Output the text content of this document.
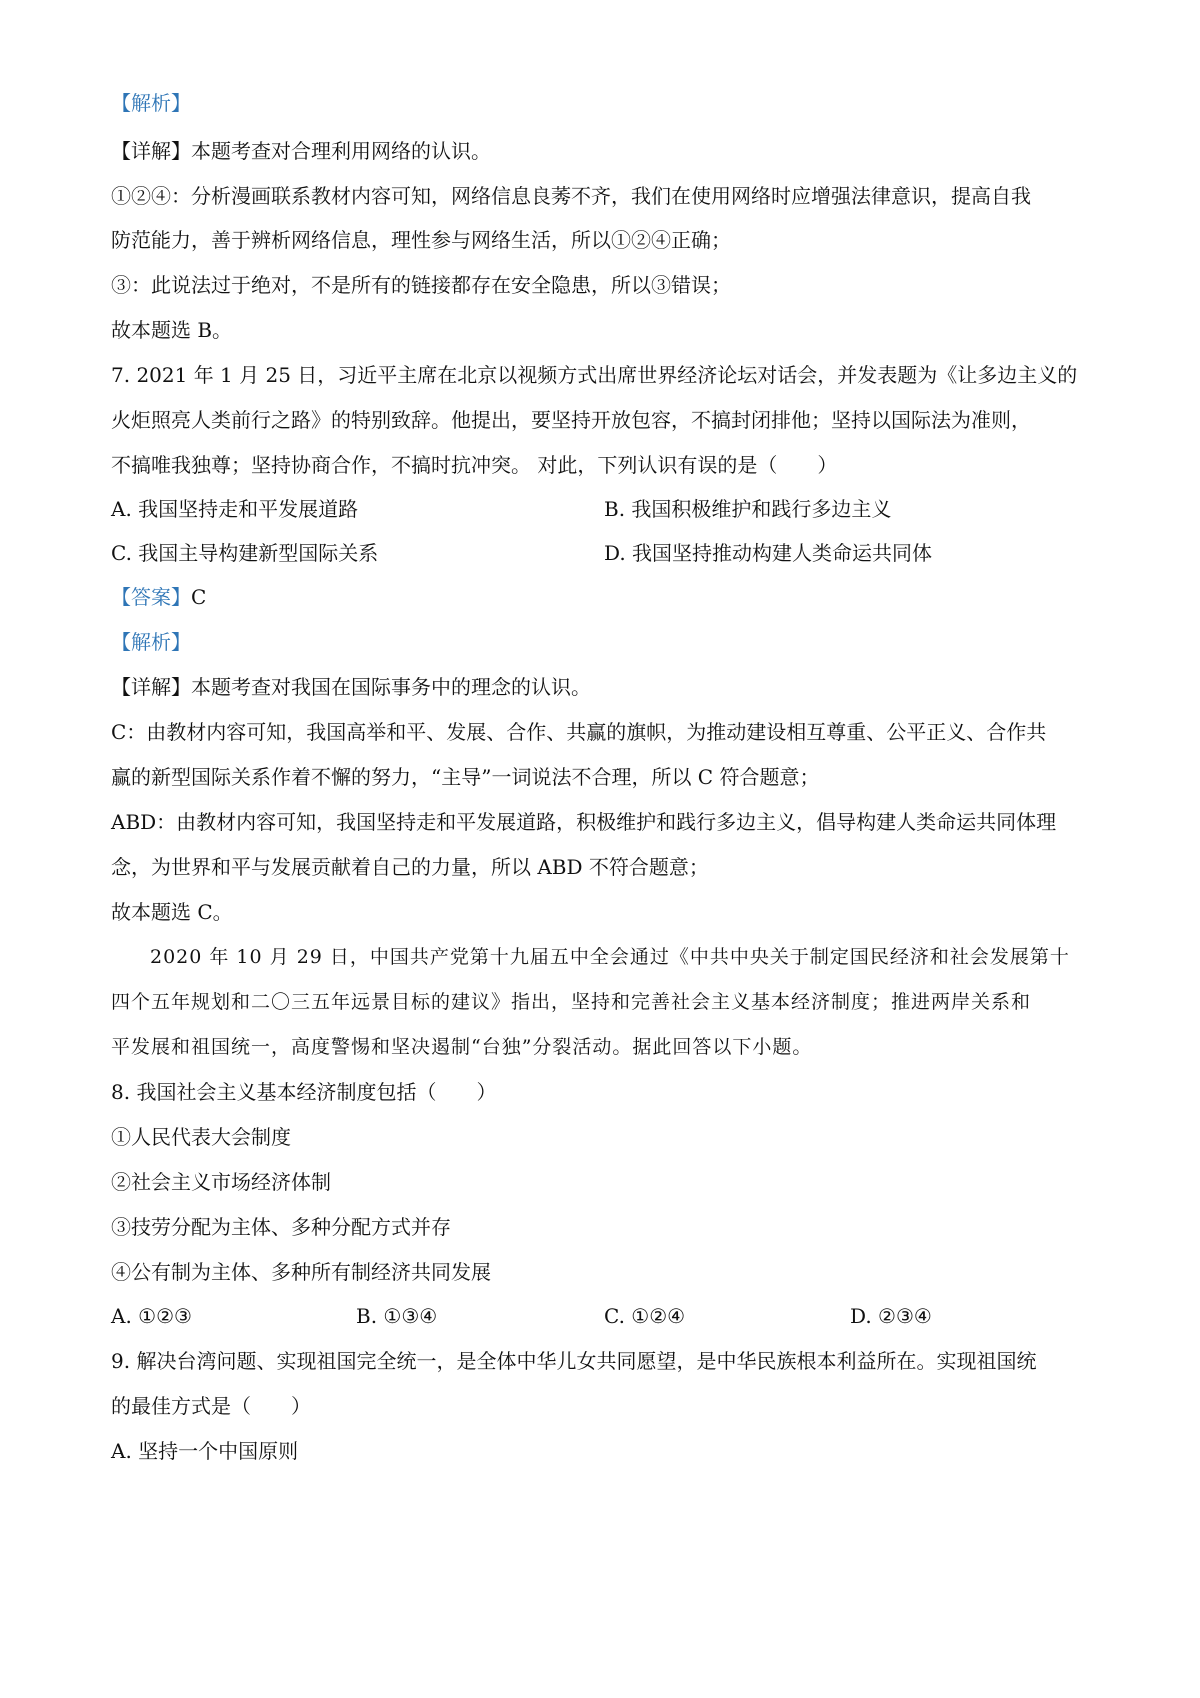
【解析】
【详解】本题考查对合理利用网络的认识。
①②④：分析漫画联系教材内容可知，网络信息良莠不齐，我们在使用网络时应增强法律意识，提高自我
防范能力，善于辨析网络信息，理性参与网络生活，所以①②④正确；
③：此说法过于绝对，不是所有的链接都存在安全隐患，所以③错误；
故本题选 B。
7. 2021 年 1 月 25 日，习近平主席在北京以视频方式出席世界经济论坛对话会，并发表题为《让多边主义的
火炬照亮人类前行之路》的特别致辞。他提出，要坚持开放包容，不搞封闭排他；坚持以国际法为准则，
不搞唯我独尊；坚持协商合作，不搞时抗冲突。 对此，下列认识有误的是（　　）
A. 我国坚持走和平发展道路	B. 我国积极维护和践行多边主义
C. 我国主导构建新型国际关系	D. 我国坚持推动构建人类命运共同体
【答案】C
【解析】
【详解】本题考查对我国在国际事务中的理念的认识。
C：由教材内容可知，我国高举和平、发展、合作、共赢的旗帜，为推动建设相互尊重、公平正义、合作共
赢的新型国际关系作着不懈的努力，“主导”一词说法不合理，所以 C 符合题意；
ABD：由教材内容可知，我国坚持走和平发展道路，积极维护和践行多边主义，倡导构建人类命运共同体理
念，为世界和平与发展贡献着自己的力量，所以 ABD 不符合题意；
故本题选 C。
2020 年 10 月 29 日，中国共产党第十九届五中全会通过《中共中央关于制定国民经济和社会发展第十
四个五年规划和二〇三五年远景目标的建议》指出，坚持和完善社会主义基本经济制度；推进两岸关系和
平发展和祖国统一，高度警惕和坚决遏制“台独”分裂活动。据此回答以下小题。
8. 我国社会主义基本经济制度包括（　　）
①人民代表大会制度
②社会主义市场经济体制
③技劳分配为主体、多种分配方式并存
④公有制为主体、多种所有制经济共同发展
A. ①②③	B. ①③④	C. ①②④	D. ②③④
9. 解决台湾问题、实现祖国完全统一，是全体中华儿女共同愿望，是中华民族根本利益所在。实现祖国统
的最佳方式是（　　）
A. 坚持一个中国原则
